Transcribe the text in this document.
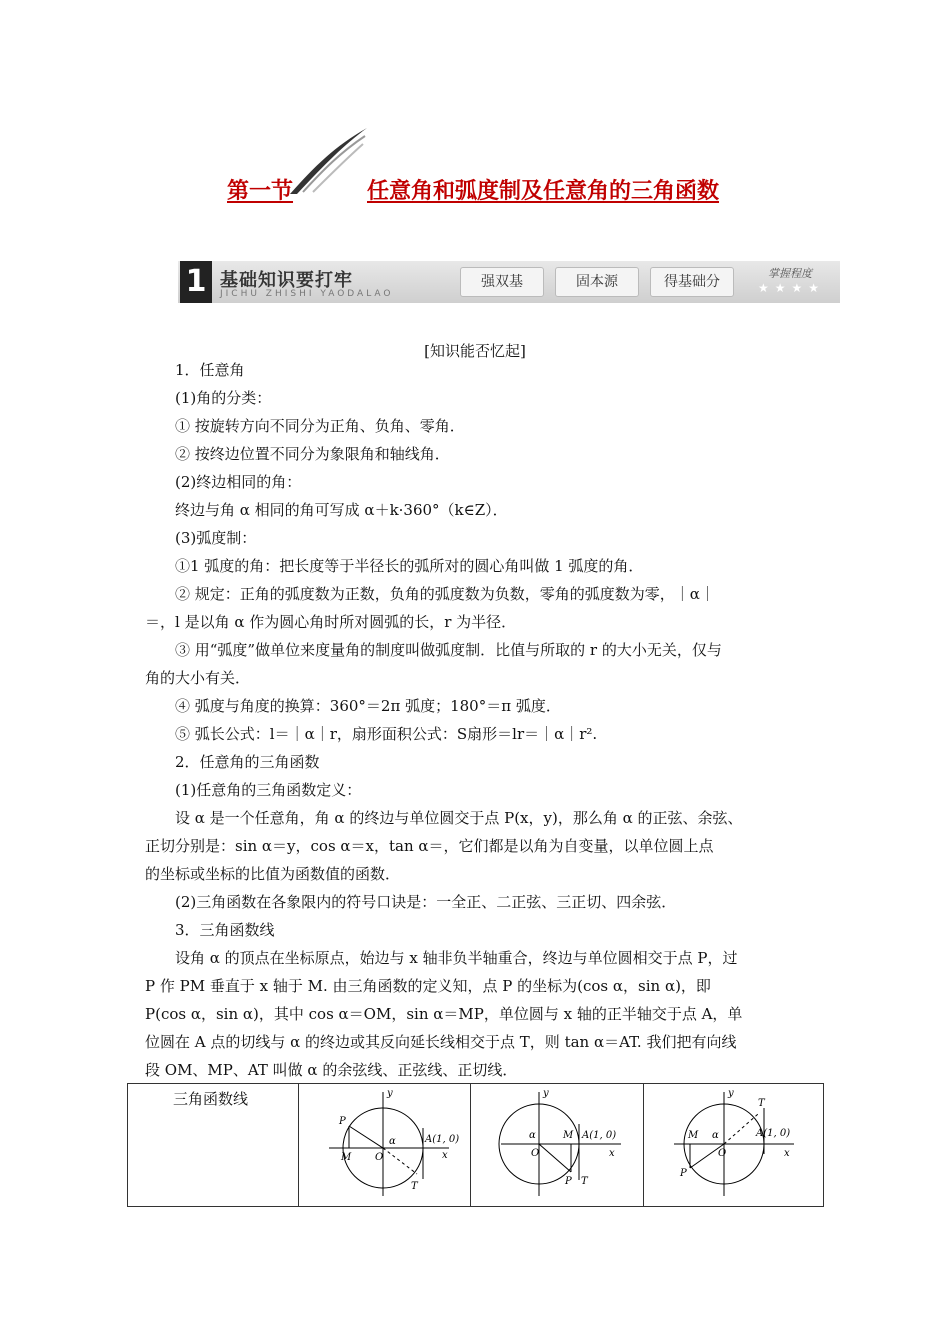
第一节	任意角和弧度制及任意角的三角函数
1 基础知识要打牢
JICHU ZHISHI YAODALAO
强双基	固本源	得基础分
掌握程度
★★★★
[知识能否忆起]
1．任意角
(1)角的分类：
① 按旋转方向不同分为正角、负角、零角．
② 按终边位置不同分为象限角和轴线角．
(2)终边相同的角：
终边与角 α 相同的角可写成 α＋k·360°（k∈Z）．
(3)弧度制：
①1 弧度的角：把长度等于半径长的弧所对的圆心角叫做 1 弧度的角．
② 规定：正角的弧度数为正数，负角的弧度数为负数，零角的弧度数为零，｜α｜
＝，l 是以角 α 作为圆心角时所对圆弧的长，r 为半径．
③ 用“弧度”做单位来度量角的制度叫做弧度制．比值与所取的 r 的大小无关，仅与
角的大小有关．
④ 弧度与角度的换算：360°＝2π 弧度；180°＝π 弧度．
⑤ 弧长公式：l＝｜α｜r，扇形面积公式：S扇形＝lr＝｜α｜r².
2．任意角的三角函数
(1)任意角的三角函数定义：
设 α 是一个任意角，角 α 的终边与单位圆交于点 P(x，y)，那么角 α 的正弦、余弦、
正切分别是：sin α＝y，cos α＝x，tan α＝，它们都是以角为自变量，以单位圆上点
的坐标或坐标的比值为函数值的函数．
(2)三角函数在各象限内的符号口诀是：一全正、二正弦、三正切、四余弦．
3．三角函数线
设角 α 的顶点在坐标原点，始边与 x 轴非负半轴重合，终边与单位圆相交于点 P，过
P 作 PM 垂直于 x 轴于 M. 由三角函数的定义知，点 P 的坐标为(cos α，sin α)，即
P(cos α，sin α)，其中 cos α＝OM，sin α＝MP，单位圆与 x 轴的正半轴交于点 A，单
位圆在 A 点的切线与 α 的终边或其反向延长线相交于点 T，则 tan α＝AT. 我们把有向线
段 OM、MP、AT 叫做 α 的余弦线、正弦线、正切线．
三角函数线	y
x
O
A(1, 0)
P
M
T
α

y
x
O
A(1, 0)
P
M
T
α

y
x
O
A(1, 0)
P
M
T
α
